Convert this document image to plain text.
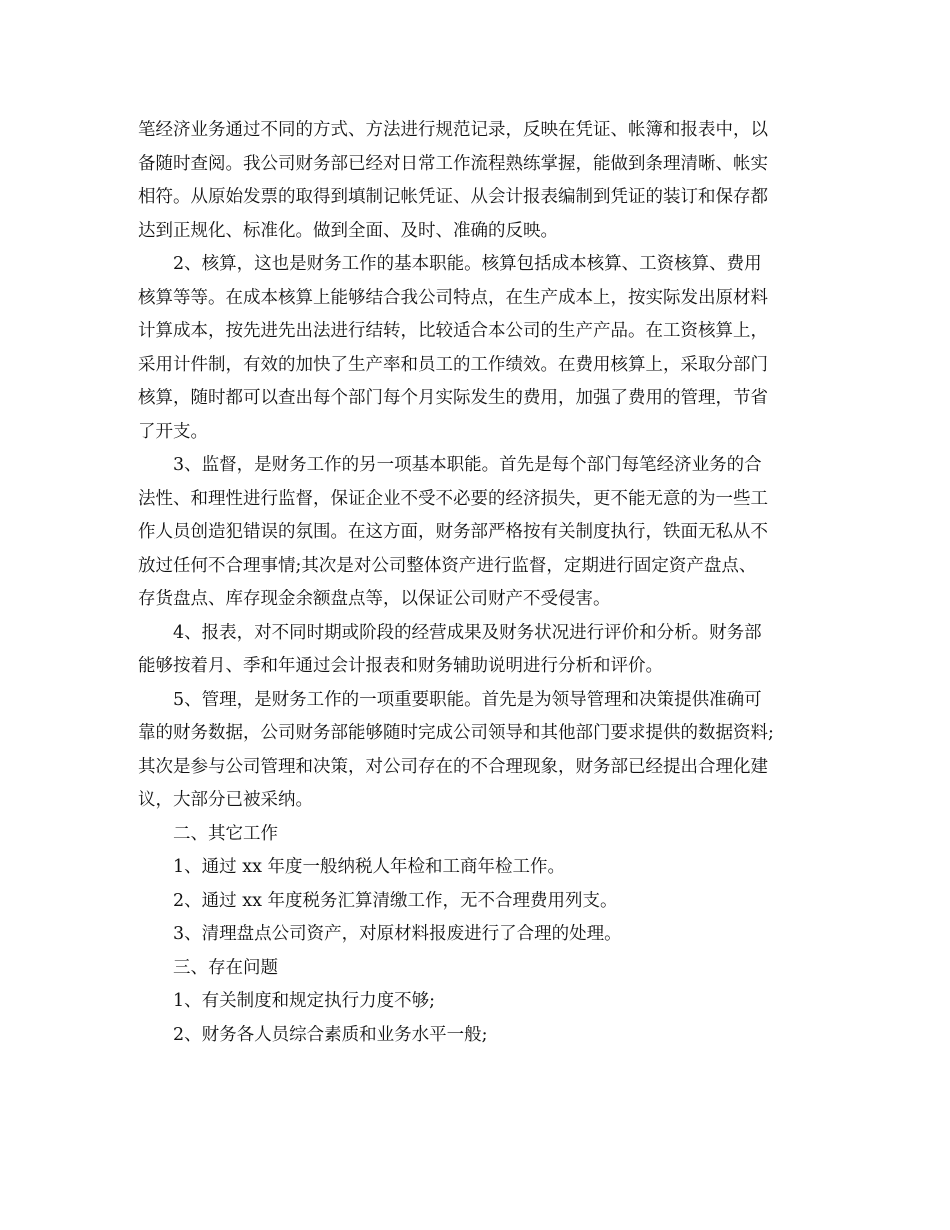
笔经济业务通过不同的方式、方法进行规范记录，反映在凭证、帐簿和报表中，以
备随时查阅。我公司财务部已经对日常工作流程熟练掌握，能做到条理清晰、帐实
相符。从原始发票的取得到填制记帐凭证、从会计报表编制到凭证的装订和保存都
达到正规化、标准化。做到全面、及时、准确的反映。
2、核算，这也是财务工作的基本职能。核算包括成本核算、工资核算、费用
核算等等。在成本核算上能够结合我公司特点，在生产成本上，按实际发出原材料
计算成本，按先进先出法进行结转，比较适合本公司的生产产品。在工资核算上，
采用计件制，有效的加快了生产率和员工的工作绩效。在费用核算上，采取分部门
核算，随时都可以查出每个部门每个月实际发生的费用，加强了费用的管理，节省
了开支。
3、监督，是财务工作的另一项基本职能。首先是每个部门每笔经济业务的合
法性、和理性进行监督，保证企业不受不必要的经济损失，更不能无意的为一些工
作人员创造犯错误的氛围。在这方面，财务部严格按有关制度执行，铁面无私从不
放过任何不合理事情;其次是对公司整体资产进行监督，定期进行固定资产盘点、
存货盘点、库存现金余额盘点等，以保证公司财产不受侵害。
4、报表，对不同时期或阶段的经营成果及财务状况进行评价和分析。财务部
能够按着月、季和年通过会计报表和财务辅助说明进行分析和评价。
5、管理，是财务工作的一项重要职能。首先是为领导管理和决策提供准确可
靠的财务数据，公司财务部能够随时完成公司领导和其他部门要求提供的数据资料;
其次是参与公司管理和决策，对公司存在的不合理现象，财务部已经提出合理化建
议，大部分已被采纳。
二、其它工作
1、通过 xx 年度一般纳税人年检和工商年检工作。
2、通过 xx 年度税务汇算清缴工作，无不合理费用列支。
3、清理盘点公司资产，对原材料报废进行了合理的处理。
三、存在问题
1、有关制度和规定执行力度不够;
2、财务各人员综合素质和业务水平一般;
